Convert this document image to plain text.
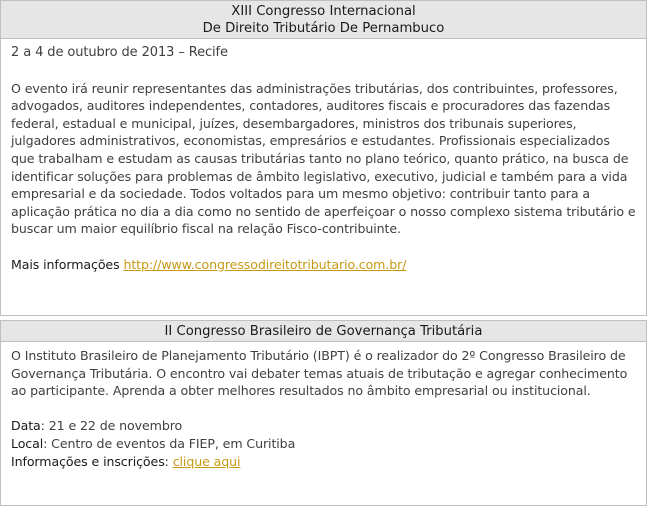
XIII Congresso Internacional
De Direito Tributário De Pernambuco

2 a 4 de outubro de 2013 – Recife

O evento irá reunir representantes das administrações tributárias, dos contribuintes, professores, advogados, auditores independentes, contadores, auditores fiscais e procuradores das fazendas federal, estadual e municipal, juízes, desembargadores, ministros dos tribunais superiores, julgadores administrativos, economistas, empresários e estudantes. Profissionais especializados que trabalham e estudam as causas tributárias tanto no plano teórico, quanto prático, na busca de identificar soluções para problemas de âmbito legislativo, executivo, judicial e também para a vida empresarial e da sociedade. Todos voltados para um mesmo objetivo: contribuir tanto para a aplicação prática no dia a dia como no sentido de aperfeiçoar o nosso complexo sistema tributário e buscar um maior equilíbrio fiscal na relação Fisco-contribuinte.

Mais informações http://www.congressodireitotributario.com.br/

II Congresso Brasileiro de Governança Tributária

O Instituto Brasileiro de Planejamento Tributário (IBPT) é o realizador do 2º Congresso Brasileiro de Governança Tributária. O encontro vai debater temas atuais de tributação e agregar conhecimento ao participante. Aprenda a obter melhores resultados no âmbito empresarial ou institucional.

Data: 21 e 22 de novembro

Local: Centro de eventos da FIEP, em Curitiba

Informações e inscrições: clique aqui
